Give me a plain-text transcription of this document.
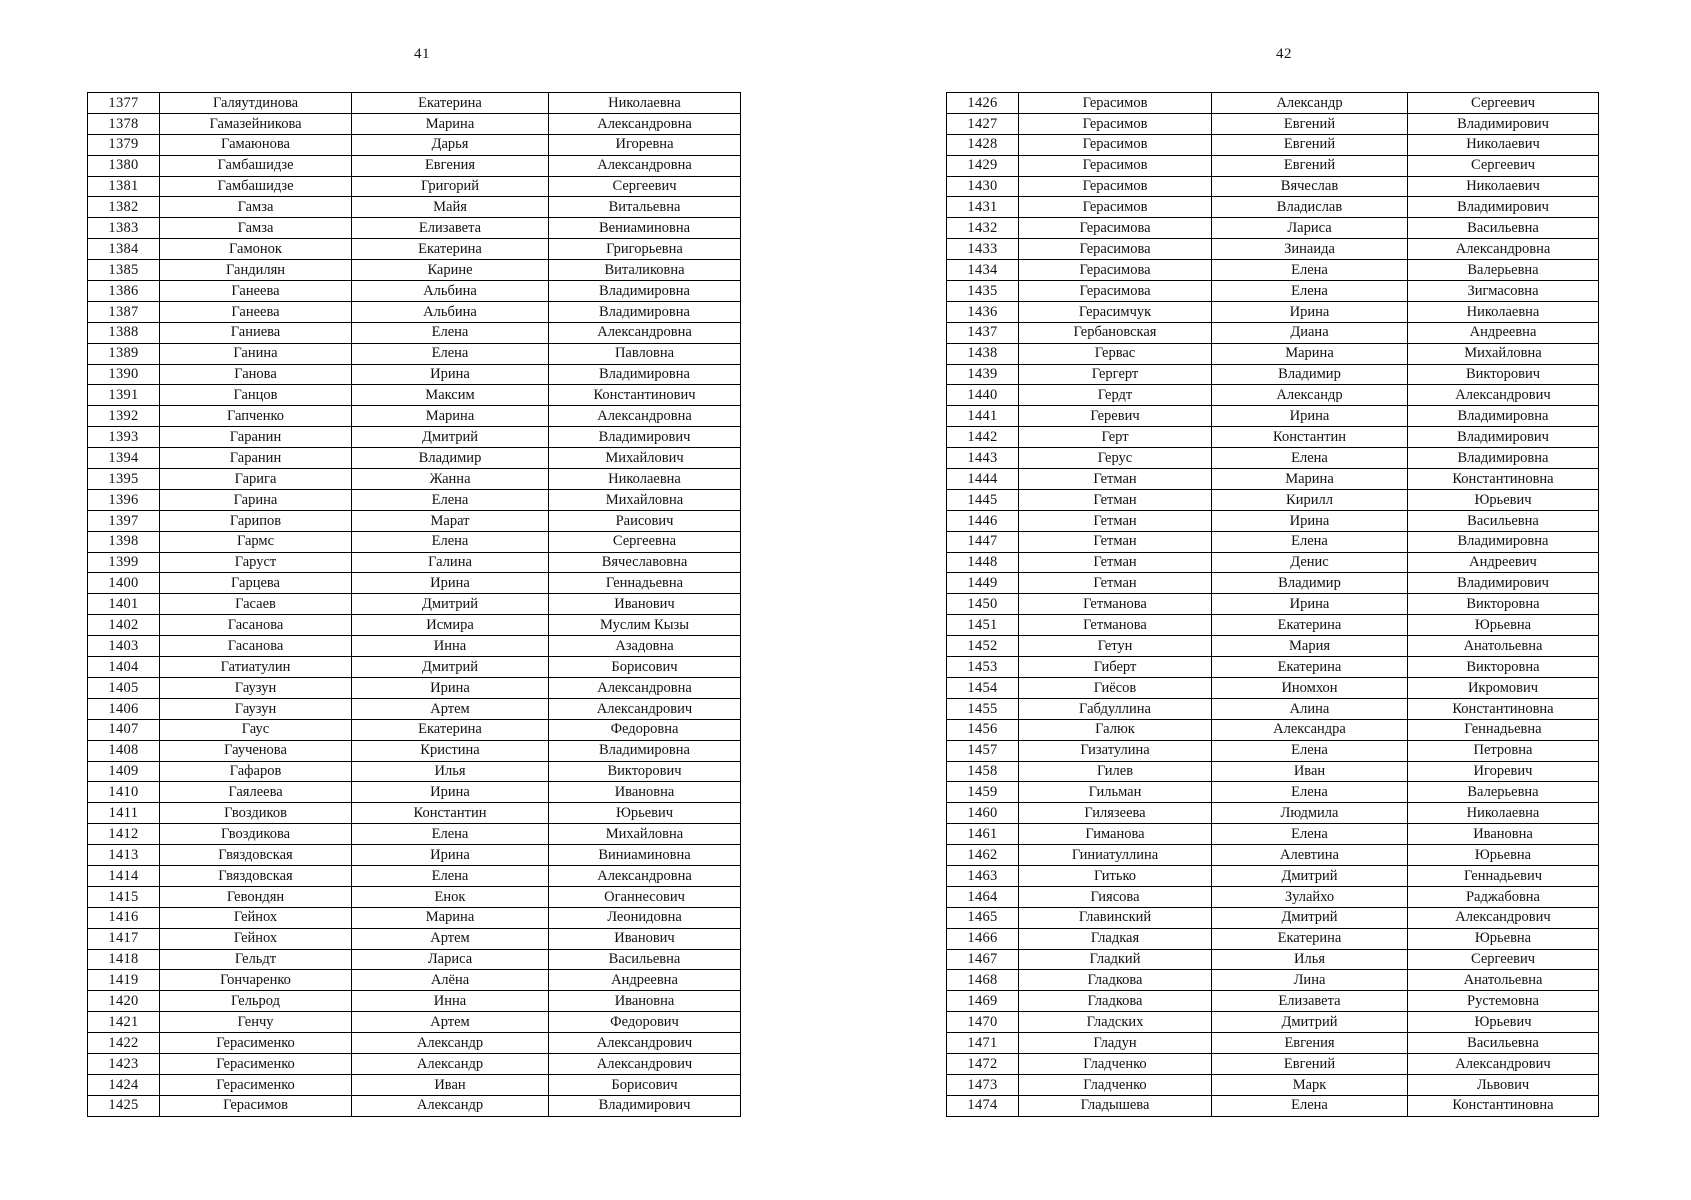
41	42
1377	Галяутдинова	Екатерина	Николаевна
1378	Гамазейникова	Марина	Александровна
1379	Гамаюнова	Дарья	Игоревна
1380	Гамбашидзе	Евгения	Александровна
1381	Гамбашидзе	Григорий	Сергеевич
1382	Гамза	Майя	Витальевна
1383	Гамза	Елизавета	Вениаминовна
1384	Гамонок	Екатерина	Григорьевна
1385	Гандилян	Карине	Виталиковна
1386	Ганеева	Альбина	Владимировна
1387	Ганеева	Альбина	Владимировна
1388	Ганиева	Елена	Александровна
1389	Ганина	Елена	Павловна
1390	Ганова	Ирина	Владимировна
1391	Ганцов	Максим	Константинович
1392	Гапченко	Марина	Александровна
1393	Гаранин	Дмитрий	Владимирович
1394	Гаранин	Владимир	Михайлович
1395	Гарига	Жанна	Николаевна
1396	Гарина	Елена	Михайловна
1397	Гарипов	Марат	Раисович
1398	Гармс	Елена	Сергеевна
1399	Гаруст	Галина	Вячеславовна
1400	Гарцева	Ирина	Геннадьевна
1401	Гасаев	Дмитрий	Иванович
1402	Гасанова	Исмира	Муслим Кызы
1403	Гасанова	Инна	Азадовна
1404	Гатиатулин	Дмитрий	Борисович
1405	Гаузун	Ирина	Александровна
1406	Гаузун	Артем	Александрович
1407	Гаус	Екатерина	Федоровна
1408	Гаученова	Кристина	Владимировна
1409	Гафаров	Илья	Викторович
1410	Гаялеева	Ирина	Ивановна
1411	Гвоздиков	Константин	Юрьевич
1412	Гвоздикова	Елена	Михайловна
1413	Гвяздовская	Ирина	Виниаминовна
1414	Гвяздовская	Елена	Александровна
1415	Гевондян	Енок	Оганнесович
1416	Гейнох	Марина	Леонидовна
1417	Гейнох	Артем	Иванович
1418	Гельдт	Лариса	Васильевна
1419	Гончаренко	Алёна	Андреевна
1420	Гельрод	Инна	Ивановна
1421	Генчу	Артем	Федорович
1422	Герасименко	Александр	Александрович
1423	Герасименко	Александр	Александрович
1424	Герасименко	Иван	Борисович
1425	Герасимов	Александр	Владимирович
1426	Герасимов	Александр	Сергеевич
1427	Герасимов	Евгений	Владимирович
1428	Герасимов	Евгений	Николаевич
1429	Герасимов	Евгений	Сергеевич
1430	Герасимов	Вячеслав	Николаевич
1431	Герасимов	Владислав	Владимирович
1432	Герасимова	Лариса	Васильевна
1433	Герасимова	Зинаида	Александровна
1434	Герасимова	Елена	Валерьевна
1435	Герасимова	Елена	Зигмасовна
1436	Герасимчук	Ирина	Николаевна
1437	Гербановская	Диана	Андреевна
1438	Гервас	Марина	Михайловна
1439	Гергерт	Владимир	Викторович
1440	Гердт	Александр	Александрович
1441	Геревич	Ирина	Владимировна
1442	Герт	Константин	Владимирович
1443	Герус	Елена	Владимировна
1444	Гетман	Марина	Константиновна
1445	Гетман	Кирилл	Юрьевич
1446	Гетман	Ирина	Васильевна
1447	Гетман	Елена	Владимировна
1448	Гетман	Денис	Андреевич
1449	Гетман	Владимир	Владимирович
1450	Гетманова	Ирина	Викторовна
1451	Гетманова	Екатерина	Юрьевна
1452	Гетун	Мария	Анатольевна
1453	Гиберт	Екатерина	Викторовна
1454	Гиёсов	Иномхон	Икромович
1455	Габдуллина	Алина	Константиновна
1456	Галюк	Александра	Геннадьевна
1457	Гизатулина	Елена	Петровна
1458	Гилев	Иван	Игоревич
1459	Гильман	Елена	Валерьевна
1460	Гилязеева	Людмила	Николаевна
1461	Гиманова	Елена	Ивановна
1462	Гиниатуллина	Алевтина	Юрьевна
1463	Гитько	Дмитрий	Геннадьевич
1464	Гиясова	Зулайхо	Раджабовна
1465	Главинский	Дмитрий	Александрович
1466	Гладкая	Екатерина	Юрьевна
1467	Гладкий	Илья	Сергеевич
1468	Гладкова	Лина	Анатольевна
1469	Гладкова	Елизавета	Рустемовна
1470	Гладских	Дмитрий	Юрьевич
1471	Гладун	Евгения	Васильевна
1472	Гладченко	Евгений	Александрович
1473	Гладченко	Марк	Львович
1474	Гладышева	Елена	Константиновна
